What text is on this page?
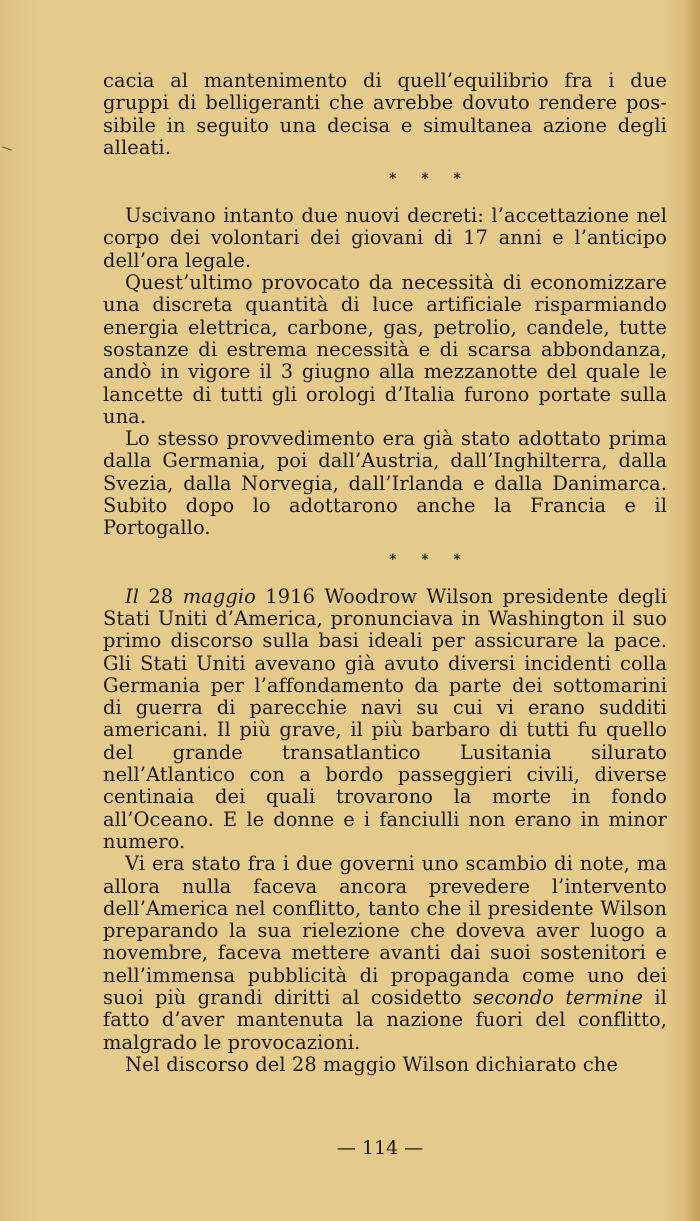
cacia al mantenimento di quell’equilibrio fra i due gruppi di belligeranti che avrebbe dovuto rendere pos- sibile in seguito una decisa e simultanea azione degli alleati.

* * *

Uscivano intanto due nuovi decreti: l’accettazione nel corpo dei volontari dei giovani di 17 anni e l’anticipo dell’ora legale.

Quest’ultimo provocato da necessità di economizzare una discreta quantità di luce artificiale risparmiando energia elettrica, carbone, gas, petrolio, candele, tutte sostanze di estrema necessità e di scarsa abbondanza, andò in vigore il 3 giugno alla mezzanotte del quale le lancette di tutti gli orologi d’Italia furono portate sulla una.

Lo stesso provvedimento era già stato adottato prima dalla Germania, poi dall’Austria, dall’Inghilterra, dalla Svezia, dalla Norvegia, dall’Irlanda e dalla Danimarca. Subito dopo lo adottarono anche la Francia e il Portogallo.

* * *

Il 28 maggio 1916 Woodrow Wilson presidente degli Stati Uniti d’America, pronunciava in Washington il suo primo discorso sulla basi ideali per assicurare la pace. Gli Stati Uniti avevano già avuto diversi incidenti colla Germania per l’affondamento da parte dei sottomarini di guerra di parecchie navi su cui vi erano sudditi americani. Il più grave, il più barbaro di tutti fu quello del grande transatlantico Lusitania silurato nell’Atlantico con a bordo passeggieri civili, diverse centinaia dei quali trovarono la morte in fondo all’Oceano. E le donne e i fanciulli non erano in minor numero.

Vi era stato fra i due governi uno scambio di note, ma allora nulla faceva ancora prevedere l’intervento dell’America nel conflitto, tanto che il presidente Wilson preparando la sua rielezione che doveva aver luogo a novembre, faceva mettere avanti dai suoi sostenitori e nell’immensa pubblicità di propaganda come uno dei suoi più grandi diritti al cosidetto secondo termine il fatto d’aver mantenuta la nazione fuori del conflitto, malgrado le provocazioni.

Nel discorso del 28 maggio Wilson dichiarato che

— 114 —
